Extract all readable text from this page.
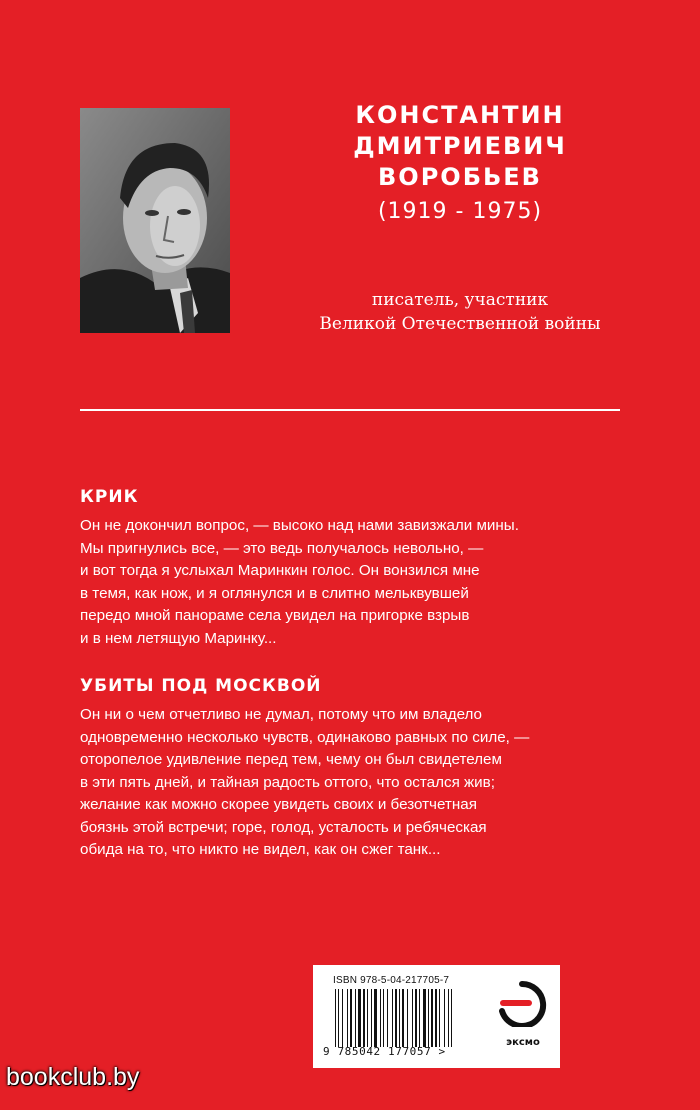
КОНСТАНТИН
ДМИТРИЕВИЧ
ВОРОБЬЕВ
(1919 - 1975)
писатель, участник
Великой Отечественной войны
КРИК
Он не докончил вопрос, — высоко над нами завизжали мины.
Мы пригнулись все, — это ведь получалось невольно, —
и вот тогда я услыхал Маринкин голос. Он вонзился мне
в темя, как нож, и я оглянулся и в слитно мельквувшей
передо мной панораме села увидел на пригорке взрыв
и в нем летящую Маринку...
УБИТЫ ПОД МОСКВОЙ
Он ни о чем отчетливо не думал, потому что им владело
одновременно несколько чувств, одинаково равных по силе, —
оторопелое удивление перед тем, чему он был свидетелем
в эти пять дней, и тайная радость оттого, что остался жив;
желание как можно скорее увидеть своих и безотчетная
боязнь этой встречи; горе, голод, усталость и ребяческая
обида на то, что никто не видел, как он сжег танк...
ISBN 978-5-04-217705-7
9 785042 177057 >
эксмо
bookclub.by
